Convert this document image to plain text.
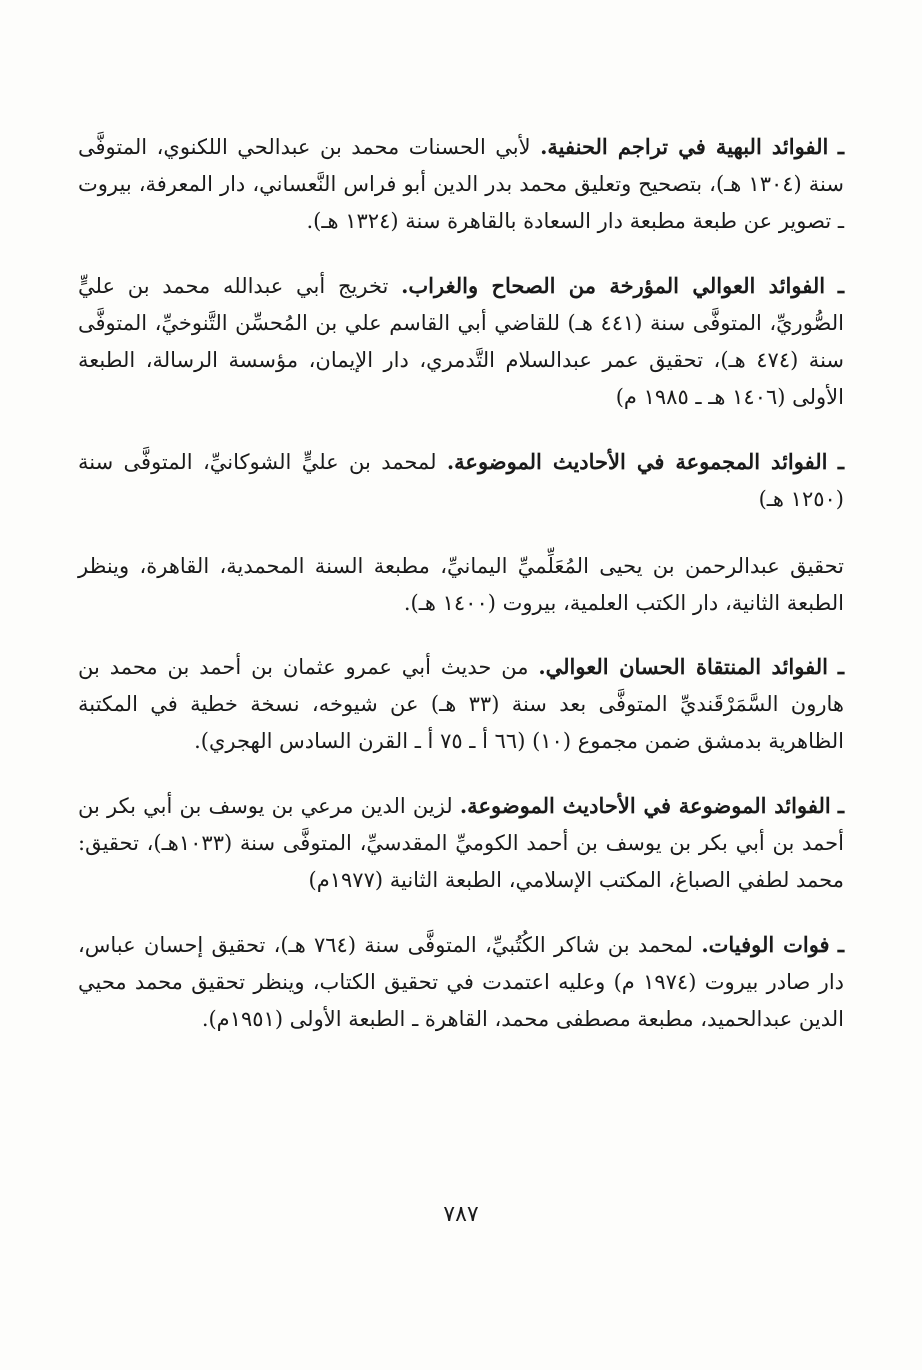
ـ الفوائد البهية في تراجم الحنفية. لأبي الحسنات محمد بن عبدالحي اللكنوي، المتوفَّى سنة (١٣٠٤ هـ)، بتصحيح وتعليق محمد بدر الدين أبو فراس النَّعساني، دار المعرفة، بيروت ـ تصوير عن طبعة مطبعة دار السعادة بالقاهرة سنة (١٣٢٤ هـ).

ـ الفوائد العوالي المؤرخة من الصحاح والغراب. تخريج أبي عبدالله محمد بن عليٍّ الصُّوريِّ، المتوفَّى سنة (٤٤١ هـ) للقاضي أبي القاسم علي بن المُحسِّن التَّنوخيِّ، المتوفَّى سنة (٤٧٤ هـ)، تحقيق عمر عبدالسلام التَّدمري، دار الإيمان، مؤسسة الرسالة، الطبعة الأولى (١٤٠٦ هـ ـ ١٩٨٥ م)

ـ الفوائد المجموعة في الأحاديث الموضوعة. لمحمد بن عليٍّ الشوكانيِّ، المتوفَّى سنة (١٢٥٠ هـ)

تحقيق عبدالرحمن بن يحيى المُعَلِّميِّ اليمانيِّ، مطبعة السنة المحمدية، القاهرة، وينظر الطبعة الثانية، دار الكتب العلمية، بيروت (١٤٠٠ هـ).

ـ الفوائد المنتقاة الحسان العوالي. من حديث أبي عمرو عثمان بن أحمد بن محمد بن هارون السَّمَرْقَنديِّ المتوفَّى بعد سنة (٣٣ هـ) عن شيوخه، نسخة خطية في المكتبة الظاهرية بدمشق ضمن مجموع (١٠) (٦٦ أ ـ ٧٥ أ ـ القرن السادس الهجري).

ـ الفوائد الموضوعة في الأحاديث الموضوعة. لزين الدين مرعي بن يوسف بن أبي بكر بن أحمد بن أبي بكر بن يوسف بن أحمد الكوميِّ المقدسيِّ، المتوفَّى سنة (١٠٣٣هـ)، تحقيق: محمد لطفي الصباغ، المكتب الإسلامي، الطبعة الثانية (١٩٧٧م)

ـ فوات الوفيات. لمحمد بن شاكر الكُتُبيِّ، المتوفَّى سنة (٧٦٤ هـ)، تحقيق إحسان عباس، دار صادر بيروت (١٩٧٤ م) وعليه اعتمدت في تحقيق الكتاب، وينظر تحقيق محمد محيي الدين عبدالحميد، مطبعة مصطفى محمد، القاهرة ـ الطبعة الأولى (١٩٥١م).

٧٨٧
